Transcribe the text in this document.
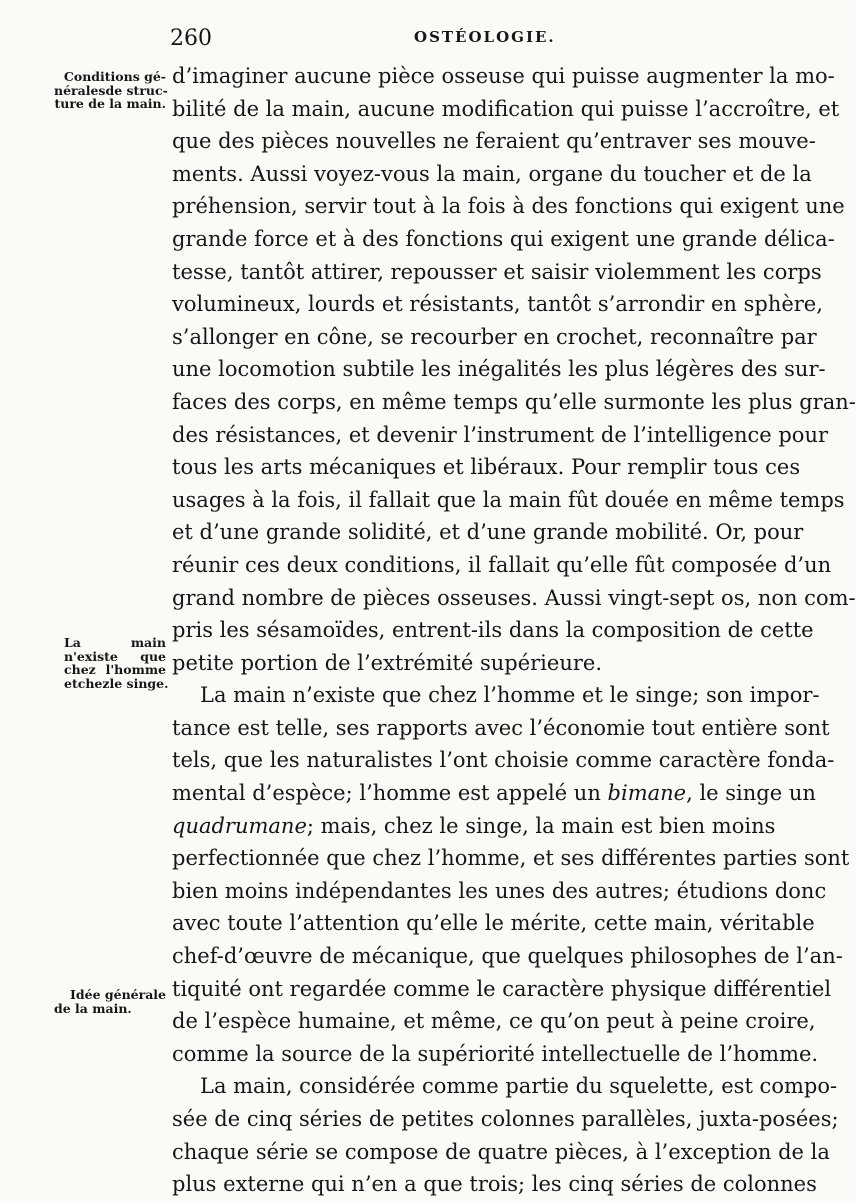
260	OSTÉOLOGIE.
Conditions gé-
néralesde struc-
ture de la main.
La main
n'existe que
chez l'homme
etchezle singe.
Idée générale
de la main.
d’imaginer aucune pièce osseuse qui puisse augmenter la mo-
bilité de la main, aucune modification qui puisse l’accroître, et
que des pièces nouvelles ne feraient qu’entraver ses mouve-
ments. Aussi voyez-vous la main, organe du toucher et de la
préhension, servir tout à la fois à des fonctions qui exigent une
grande force et à des fonctions qui exigent une grande délica-
tesse, tantôt attirer, repousser et saisir violemment les corps
volumineux, lourds et résistants, tantôt s’arrondir en sphère,
s’allonger en cône, se recourber en crochet, reconnaître par
une locomotion subtile les inégalités les plus légères des sur-
faces des corps, en même temps qu’elle surmonte les plus gran-
des résistances, et devenir l’instrument de l’intelligence pour
tous les arts mécaniques et libéraux. Pour remplir tous ces
usages à la fois, il fallait que la main fût douée en même temps
et d’une grande solidité, et d’une grande mobilité. Or, pour
réunir ces deux conditions, il fallait qu’elle fût composée d’un
grand nombre de pièces osseuses. Aussi vingt-sept os, non com-
pris les sésamoïdes, entrent-ils dans la composition de cette
petite portion de l’extrémité supérieure.
La main n’existe que chez l’homme et le singe; son impor-
tance est telle, ses rapports avec l’économie tout entière sont
tels, que les naturalistes l’ont choisie comme caractère fonda-
mental d’espèce; l’homme est appelé un bimane, le singe un
quadrumane; mais, chez le singe, la main est bien moins
perfectionnée que chez l’homme, et ses différentes parties sont
bien moins indépendantes les unes des autres; étudions donc
avec toute l’attention qu’elle le mérite, cette main, véritable
chef-d’œuvre de mécanique, que quelques philosophes de l’an-
tiquité ont regardée comme le caractère physique différentiel
de l’espèce humaine, et même, ce qu’on peut à peine croire,
comme la source de la supériorité intellectuelle de l’homme.
La main, considérée comme partie du squelette, est compo-
sée de cinq séries de petites colonnes parallèles, juxta-posées;
chaque série se compose de quatre pièces, à l’exception de la
plus externe qui n’en a que trois; les cinq séries de colonnes
